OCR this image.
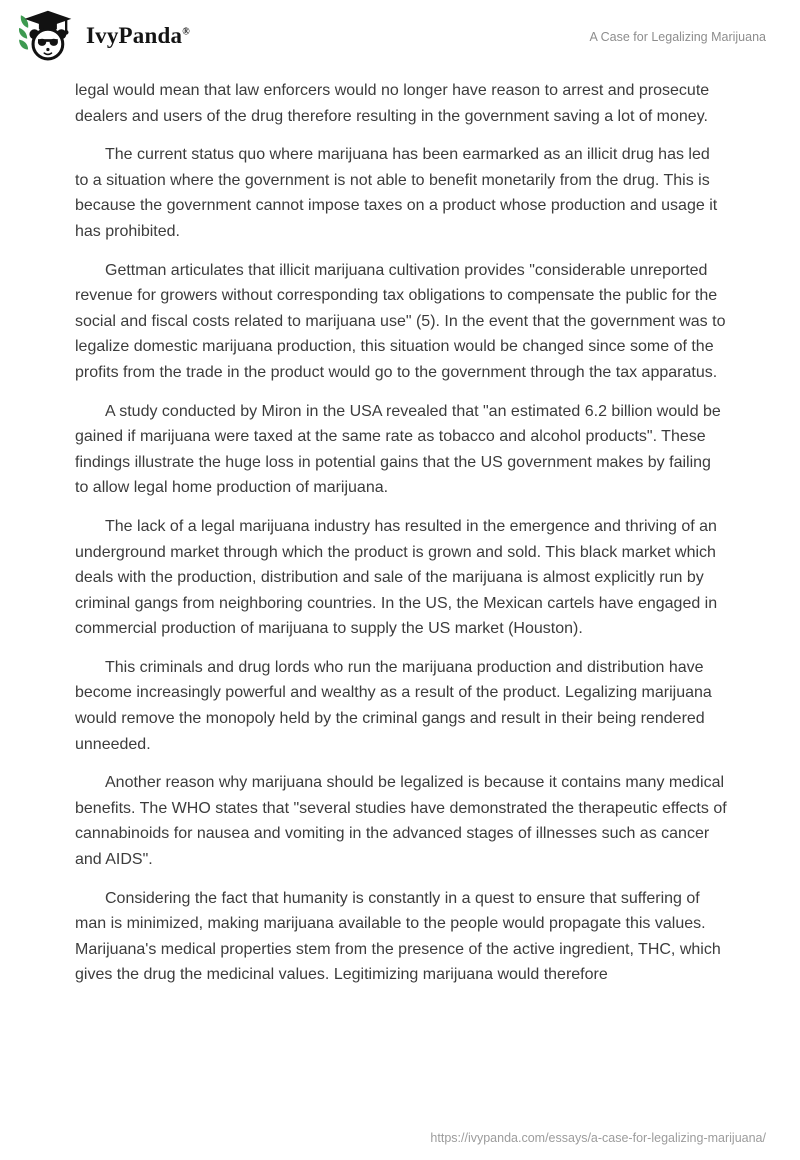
IvyPanda®	A Case for Legalizing Marijuana

legal would mean that law enforcers would no longer have reason to arrest and prosecute dealers and users of the drug therefore resulting in the government saving a lot of money.

The current status quo where marijuana has been earmarked as an illicit drug has led to a situation where the government is not able to benefit monetarily from the drug. This is because the government cannot impose taxes on a product whose production and usage it has prohibited.

Gettman articulates that illicit marijuana cultivation provides "considerable unreported revenue for growers without corresponding tax obligations to compensate the public for the social and fiscal costs related to marijuana use" (5). In the event that the government was to legalize domestic marijuana production, this situation would be changed since some of the profits from the trade in the product would go to the government through the tax apparatus.

A study conducted by Miron in the USA revealed that "an estimated 6.2 billion would be gained if marijuana were taxed at the same rate as tobacco and alcohol products". These findings illustrate the huge loss in potential gains that the US government makes by failing to allow legal home production of marijuana.

The lack of a legal marijuana industry has resulted in the emergence and thriving of an underground market through which the product is grown and sold. This black market which deals with the production, distribution and sale of the marijuana is almost explicitly run by criminal gangs from neighboring countries. In the US, the Mexican cartels have engaged in commercial production of marijuana to supply the US market (Houston).

This criminals and drug lords who run the marijuana production and distribution have become increasingly powerful and wealthy as a result of the product. Legalizing marijuana would remove the monopoly held by the criminal gangs and result in their being rendered unneeded.

Another reason why marijuana should be legalized is because it contains many medical benefits. The WHO states that "several studies have demonstrated the therapeutic effects of cannabinoids for nausea and vomiting in the advanced stages of illnesses such as cancer and AIDS".

Considering the fact that humanity is constantly in a quest to ensure that suffering of man is minimized, making marijuana available to the people would propagate this values. Marijuana's medical properties stem from the presence of the active ingredient, THC, which gives the drug the medicinal values. Legitimizing marijuana would therefore

https://ivypanda.com/essays/a-case-for-legalizing-marijuana/
